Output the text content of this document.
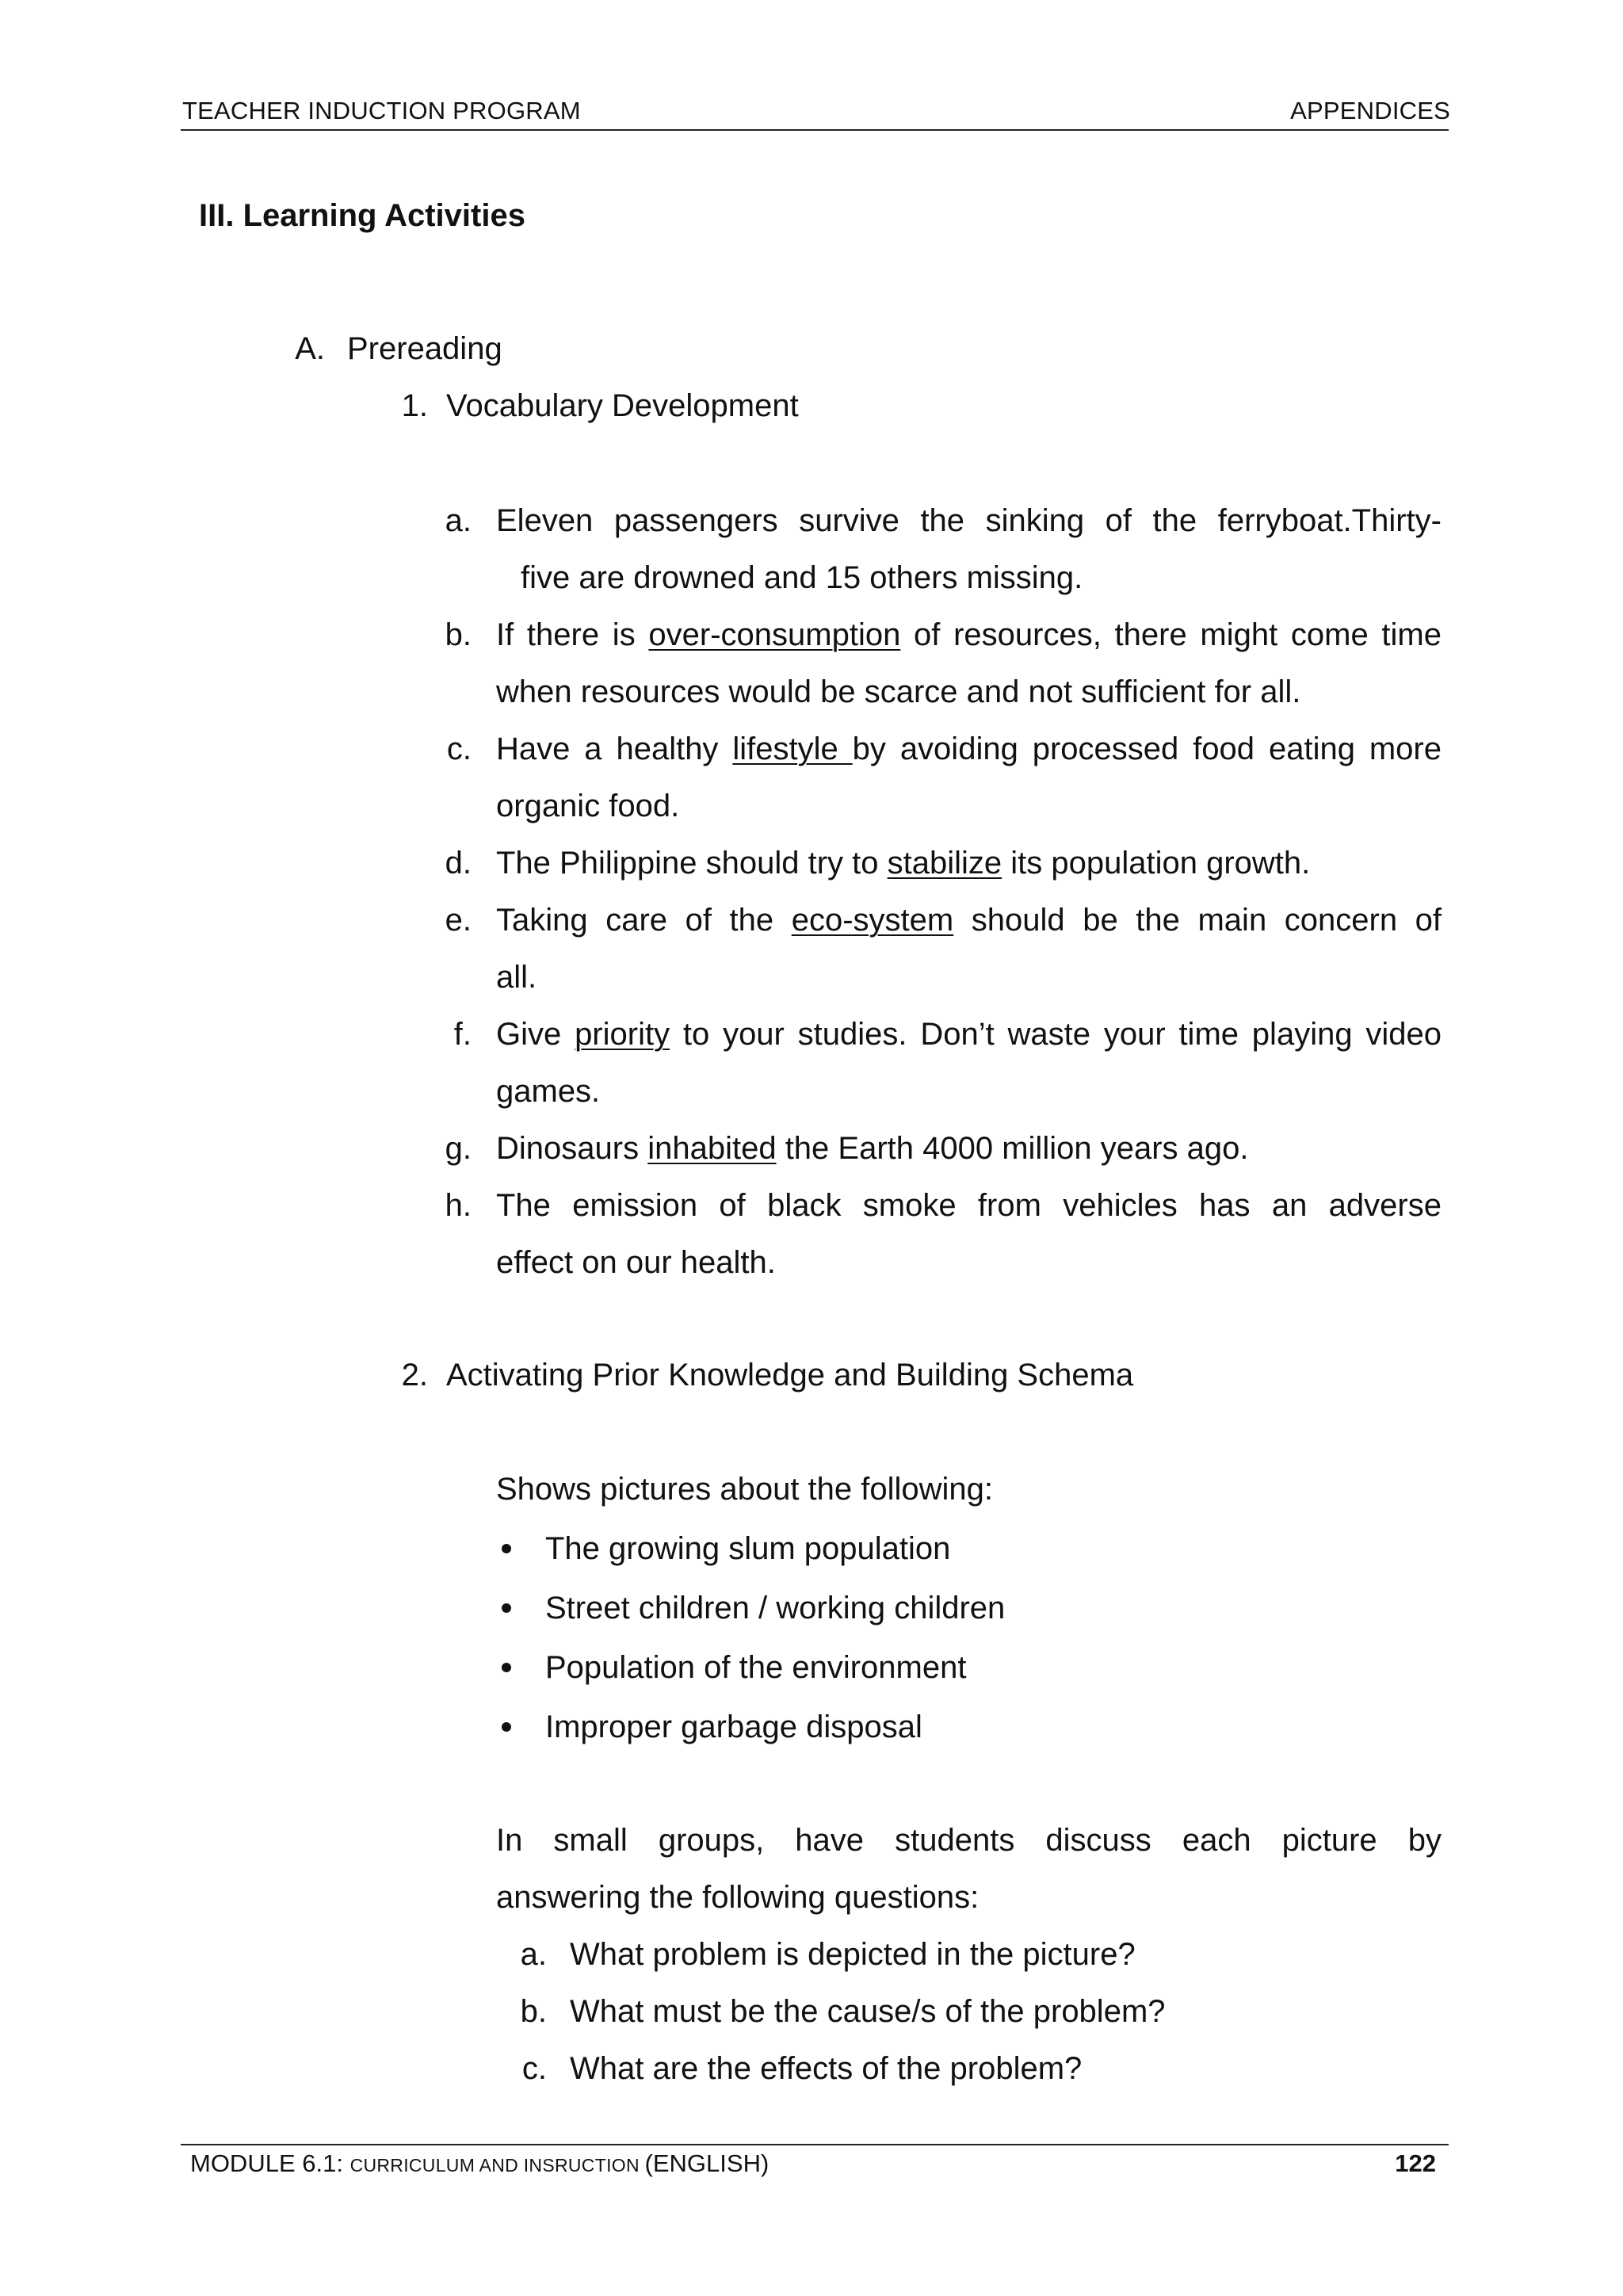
TEACHER INDUCTION PROGRAM	APPENDICES
III. Learning Activities
A. Prereading
1. Vocabulary Development
a. Eleven passengers survive the sinking of the ferryboat.Thirty-
five are drowned and 15 others missing.
b. If there is over-consumption of resources, there might come time
when resources would be scarce and not sufficient for all.
c. Have a healthy lifestyle by avoiding processed food eating more
organic food.
d. The Philippine should try to stabilize its population growth.
e. Taking care of the eco-system should be the main concern of
all.
f. Give priority to your studies. Don’t waste your time playing video
games.
g. Dinosaurs inhabited the Earth 4000 million years ago.
h. The emission of black smoke from vehicles has an adverse
effect on our health.
2. Activating Prior Knowledge and Building Schema
Shows pictures about the following:
The growing slum population
Street children / working children
Population of the environment
Improper garbage disposal
In small groups, have students discuss each picture by
answering the following questions:
a. What problem is depicted in the picture?
b. What must be the cause/s of the problem?
c. What are the effects of the problem?
MODULE 6.1: CURRICULUM AND INSRUCTION (ENGLISH)	122
